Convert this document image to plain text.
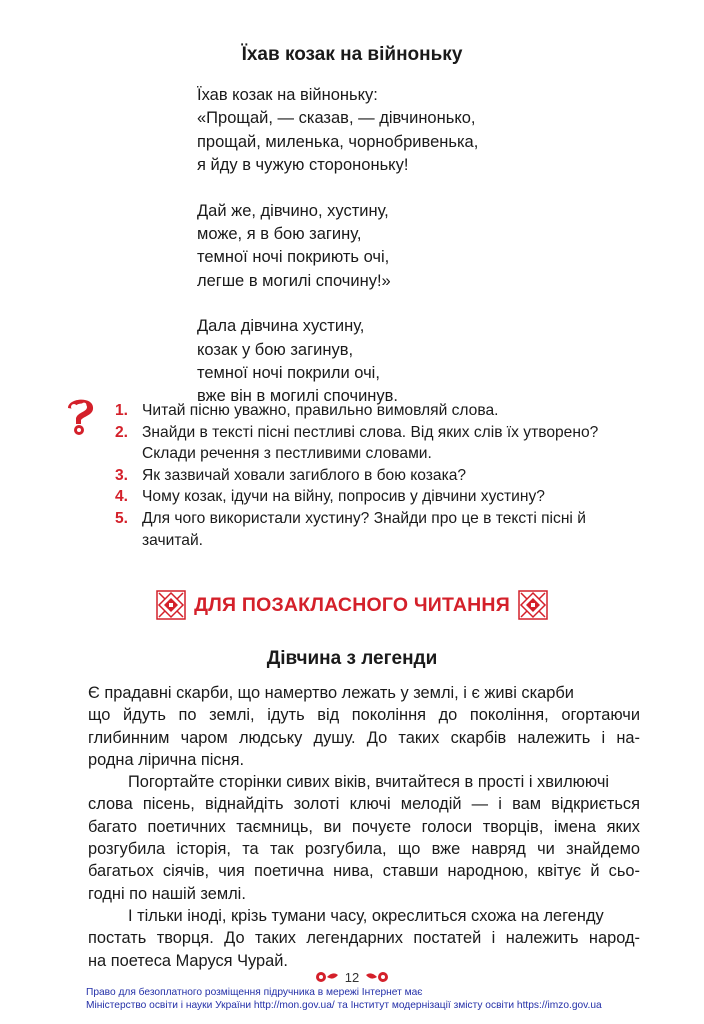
Їхав козак на війноньку
Їхав козак на війноньку:
«Прощай, — сказав, — дівчинонько,
прощай, миленька, чорнобривенька,
я йду в чужую сторононьку!
Дай же, дівчино, хустину,
може, я в бою загину,
темної ночі покриють очі,
легше в могилі спочину!»
Дала дівчина хустину,
козак у бою загинув,
темної ночі покрили очі,
вже він в могилі спочинув.
1. Читай пісню уважно, правильно вимовляй слова.
2. Знайди в тексті пісні пестливі слова. Від яких слів їх утворено?
Склади речення з пестливими словами.
3. Як зазвичай ховали загиблого в бою козака?
4. Чому козак, ідучи на війну, попросив у дівчини хустину?
5. Для чого використали хустину? Знайди про це в тексті пісні й
зачитай.
ДЛЯ ПОЗАКЛАСНОГО ЧИТАННЯ
Дівчина з легенди

Є прадавні скарби, що намертво лежать у землі, і є живі скарби
що йдуть по землі, ідуть від покоління до покоління, огортаючи
глибинним чаром людську душу. До таких скарбів належить і на-
родна лірична пісня.

Погортайте сторінки сивих віків, вчитайтеся в прості і хвилюючі
слова пісень, віднайдіть золоті ключі мелодій — і вам відкриється
багато поетичних таємниць, ви почуєте голоси творців, імена яких
розгубила історія, та так розгубила, що вже навряд чи знайдемо
багатьох сіячів, чия поетична нива, ставши народною, квітує й сьо-
годні по нашій землі.

І тільки іноді, крізь тумани часу, окреслиться схожа на легенду
постать творця. До таких легендарних постатей і належить народ-
на поетеса Маруся Чурай.

12
Право для безоплатного розміщення підручника в мережі Інтернет має
Міністерство освіти і науки України http://mon.gov.ua/ та Інститут модернізації змісту освіти https://imzo.gov.ua
